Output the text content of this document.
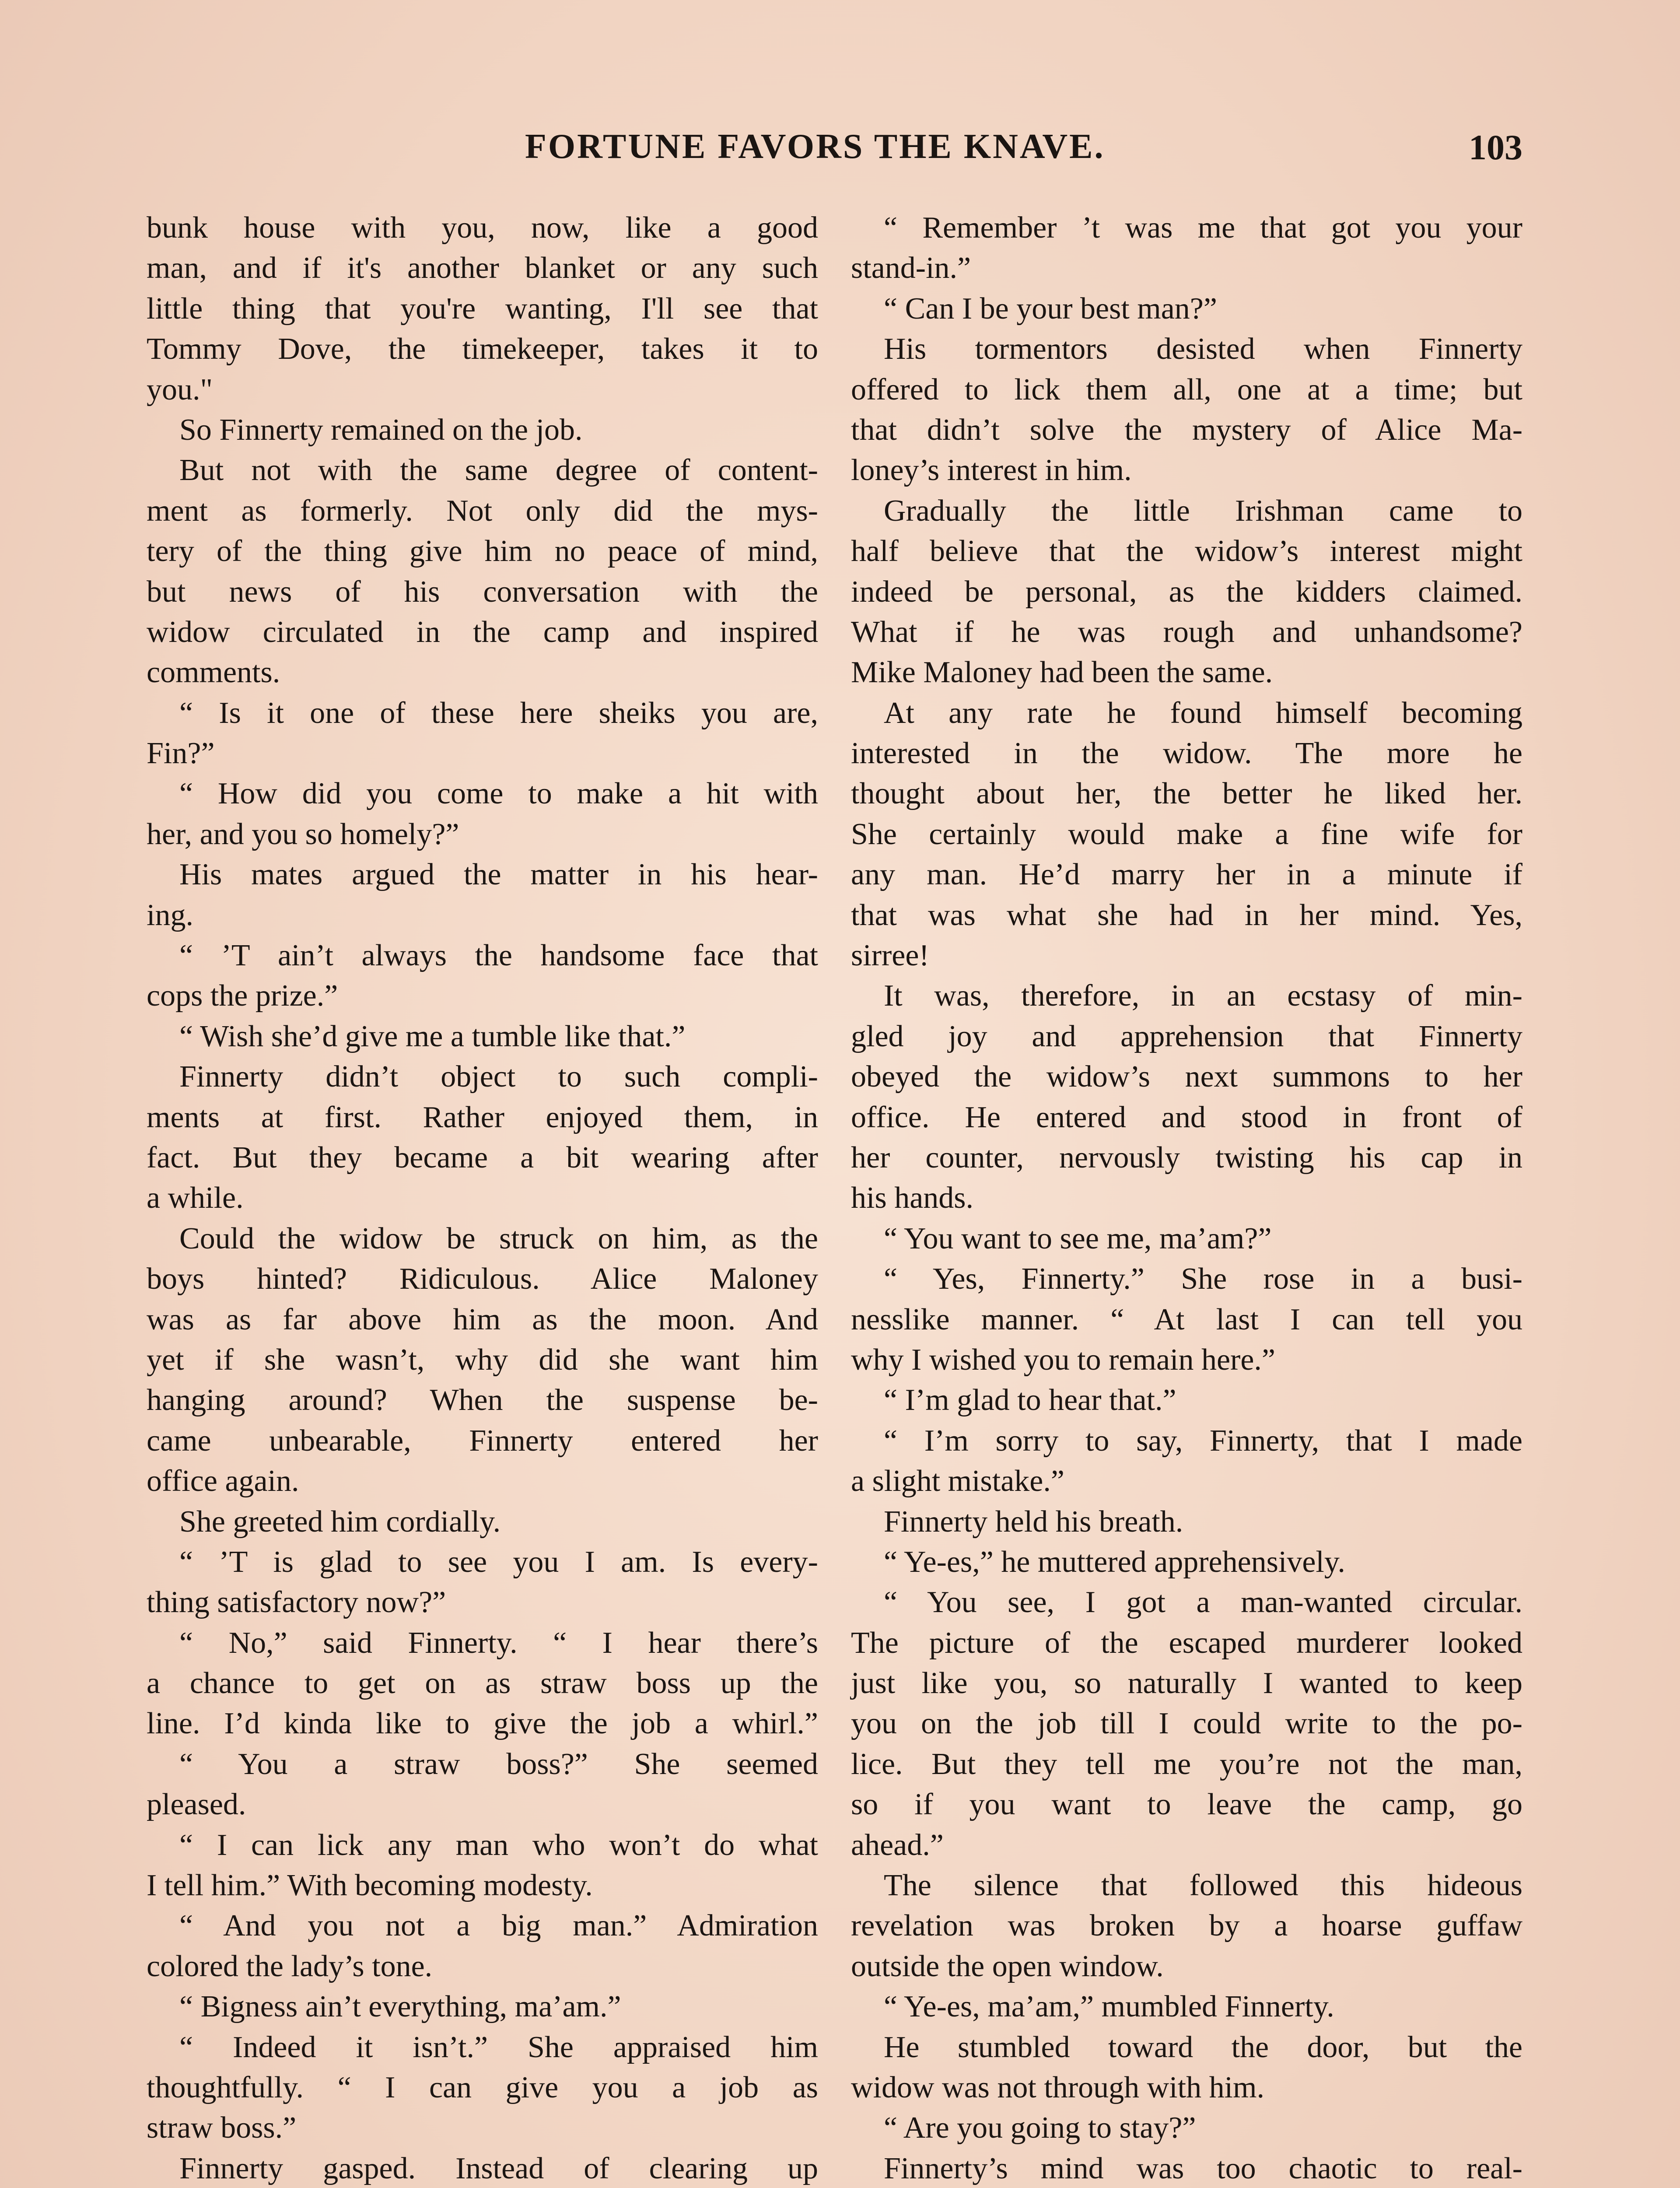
FORTUNE FAVORS THE KNAVE.	103
bunk house with you, now, like a good
man, and if it's another blanket or any such
little thing that you're wanting, I'll see that
Tommy Dove, the timekeeper, takes it to
you."
So Finnerty remained on the job.
But not with the same degree of content-
ment as formerly. Not only did the mys-
tery of the thing give him no peace of mind,
but news of his conversation with the
widow circulated in the camp and inspired
comments.
“ Is it one of these here sheiks you are,
Fin?”
“ How did you come to make a hit with
her, and you so homely?”
His mates argued the matter in his hear-
ing.
“ ’T ain’t always the handsome face that
cops the prize.”
“ Wish she’d give me a tumble like that.”
Finnerty didn’t object to such compli-
ments at first. Rather enjoyed them, in
fact. But they became a bit wearing after
a while.
Could the widow be struck on him, as the
boys hinted? Ridiculous. Alice Maloney
was as far above him as the moon. And
yet if she wasn’t, why did she want him
hanging around? When the suspense be-
came unbearable, Finnerty entered her
office again.
She greeted him cordially.
“ ’T is glad to see you I am. Is every-
thing satisfactory now?”
“ No,” said Finnerty. “ I hear there’s
a chance to get on as straw boss up the
line. I’d kinda like to give the job a whirl.”
“ You a straw boss?” She seemed
pleased.
“ I can lick any man who won’t do what
I tell him.” With becoming modesty.
“ And you not a big man.” Admiration
colored the lady’s tone.
“ Bigness ain’t everything, ma’am.”
“ Indeed it isn’t.” She appraised him
thoughtfully. “ I can give you a job as
straw boss.”
Finnerty gasped. Instead of clearing up
“ Remember ’t was me that got you your
stand-in.”
“ Can I be your best man?”
His tormentors desisted when Finnerty
offered to lick them all, one at a time; but
that didn’t solve the mystery of Alice Ma-
loney’s interest in him.
Gradually the little Irishman came to
half believe that the widow’s interest might
indeed be personal, as the kidders claimed.
What if he was rough and unhandsome?
Mike Maloney had been the same.
At any rate he found himself becoming
interested in the widow. The more he
thought about her, the better he liked her.
She certainly would make a fine wife for
any man. He’d marry her in a minute if
that was what she had in her mind. Yes,
sirree!
It was, therefore, in an ecstasy of min-
gled joy and apprehension that Finnerty
obeyed the widow’s next summons to her
office. He entered and stood in front of
her counter, nervously twisting his cap in
his hands.
“ You want to see me, ma’am?”
“ Yes, Finnerty.” She rose in a busi-
nesslike manner. “ At last I can tell you
why I wished you to remain here.”
“ I’m glad to hear that.”
“ I’m sorry to say, Finnerty, that I made
a slight mistake.”
Finnerty held his breath.
“ Ye-es,” he muttered apprehensively.
“ You see, I got a man-wanted circular.
The picture of the escaped murderer looked
just like you, so naturally I wanted to keep
you on the job till I could write to the po-
lice. But they tell me you’re not the man,
so if you want to leave the camp, go
ahead.”
The silence that followed this hideous
revelation was broken by a hoarse guffaw
outside the open window.
“ Ye-es, ma’am,” mumbled Finnerty.
He stumbled toward the door, but the
widow was not through with him.
“ Are you going to stay?”
Finnerty’s mind was too chaotic to real-
